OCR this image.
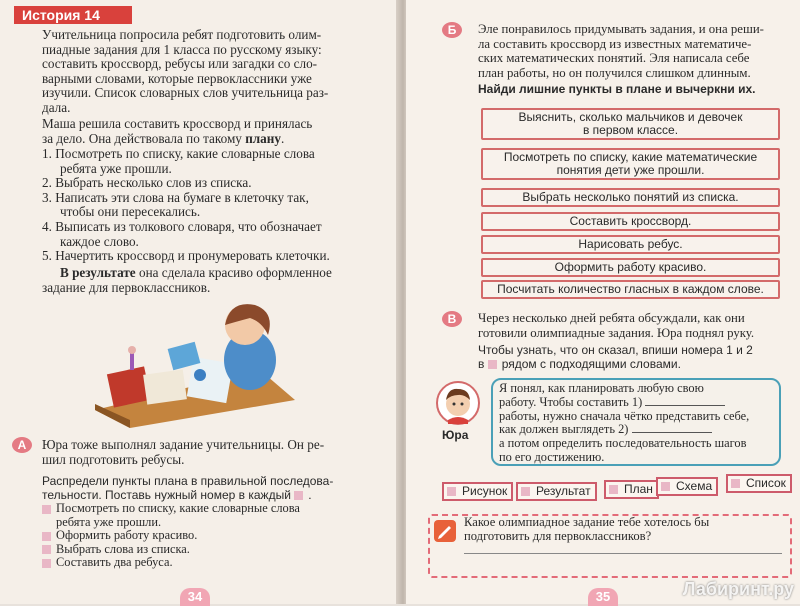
История 14
Учительница попросила ребят подготовить олим-
пиадные задания для 1 класса по русскому языку:
составить кроссворд, ребусы или загадки со сло-
варными словами, которые первоклассники уже
изучили. Список словарных слов учительница раз-
дала.
Маша решила составить кроссворд и принялась
за дело. Она действовала по такому плану.
1. Посмотреть по списку, какие словарные слова
ребята уже прошли.
2. Выбрать несколько слов из списка.
3. Написать эти слова на бумаге в клеточку так,
чтобы они пересекались.
4. Выписать из толкового словаря, что обозначает
каждое слово.
5. Начертить кроссворд и пронумеровать клеточки.
В результате она сделала красиво оформленное
задание для первоклассников.
А	Юра тоже выполнял задание учительницы. Он ре-
шил подготовить ребусы.
Распредели пункты плана в правильной последова-
тельности. Поставь нужный номер в каждый .
Посмотреть по списку, какие словарные слова
ребята уже прошли.
Оформить работу красиво.
Выбрать слова из списка.
Составить два ребуса.
34
Б	Эле понравилось придумывать задания, и она реши-
ла составить кроссворд из известных математиче-
ских математических понятий. Эля написала себе
план работы, но он получился слишком длинным.
Найди лишние пункты в плане и вычеркни их.
Выяснить, сколько мальчиков и девочек
в первом классе.
Посмотреть по списку, какие математические
понятия дети уже прошли.
Выбрать несколько понятий из списка.
Составить кроссворд.
Нарисовать ребус.
Оформить работу красиво.
Посчитать количество гласных в каждом слове.
В	Через несколько дней ребята обсуждали, как они
готовили олимпиадные задания. Юра поднял руку.
Чтобы узнать, что он сказал, впиши номера 1 и 2
в рядом с подходящими словами.
Юра
Я понял, как планировать любую свою
работу. Чтобы составить 1)
работы, нужно сначала чётко представить себе,
как должен выглядеть 2)
а потом определить последовательность шагов
по его достижению.
Рисунок	Результат	План	Схема	Список
Какое олимпиадное задание тебе хотелось бы
подготовить для первоклассников?
35	Лабиринт.ру
